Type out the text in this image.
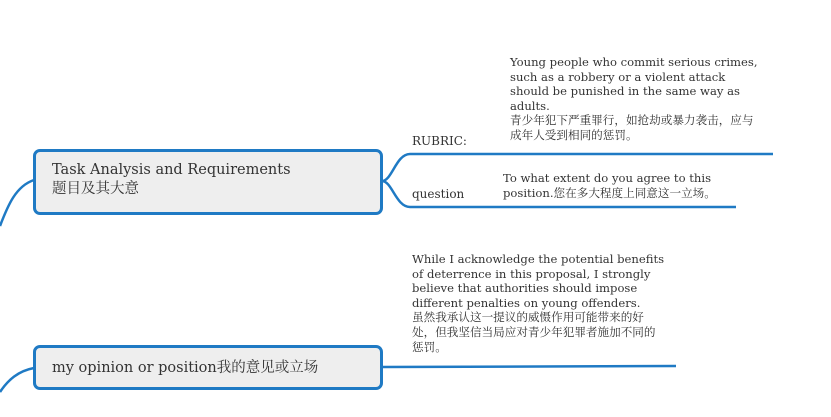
Task Analysis and Requirements
题目及其大意
my opinion or position我的意见或立场
RUBRIC:
Young people who commit serious crimes,
such as a robbery or a violent attack
should be punished in the same way as
adults.
青少年犯下严重罪行，如抢劫或暴力袭击，应与
成年人受到相同的惩罚。
question
To what extent do you agree to this
position.您在多大程度上同意这一立场。
While I acknowledge the potential benefits
of deterrence in this proposal, I strongly
believe that authorities should impose
different penalties on young offenders.
虽然我承认这一提议的威慑作用可能带来的好
处，但我坚信当局应对青少年犯罪者施加不同的
惩罚。
